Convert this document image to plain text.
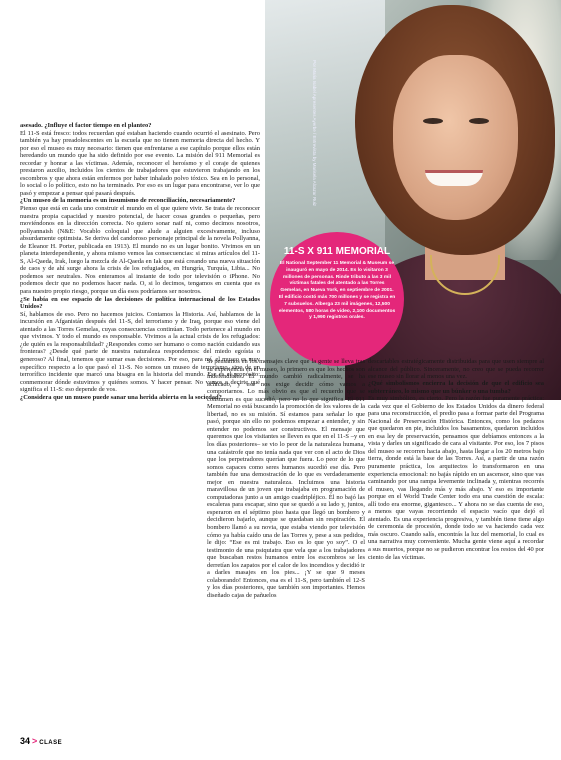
Por Maria Isabel Apresentes Ayerbe / Entrevista by Marisela Alcazar Ruiz
11-S X 911 MEMORIAL

El National September 11 Memorial & Museum se inauguró en mayo de 2014. Es lo visitaron 3 millones de personas. Rinde tributo a las 3 mil víctimas fatales del atentado a las Torres Gemelas, en Nueva York, en septiembre de 2001. El edificio costó más 700 millones y se registra en 7 subsuelos. Alberga 23 mil imágenes, 12,500 elementos, 580 horas de video, 2,100 documentos y 1,990 registros orales.

asesado. ¿Influye el factor tiempo en el planteo?

El 11-S está fresco: todos recuerdan qué estaban haciendo cuando ocurrió el asesinato. Pero también ya hay preadolescentes en la escuela que no tienen memoria directa del hecho. Y por eso el museo es muy necesario: tienen que enfrentarse a ese capítulo porque ellos están heredando un mundo que ha sido definido por ese evento. La misión del 911 Memorial es recordar y honrar a las víctimas. Además, reconocer el heroísmo y el coraje de quienes prestaron auxilio, incluidos los cientos de trabajadores que estuvieron trabajando en los escombros y que ahora están enfermos por haber inhalado polvo tóxico. Sea en lo personal, lo social o lo político, esto no ha terminado. Por eso es un lugar para encontrarse, ver lo que pasó y empezar a pensar qué pasará después.

¿Un museo de la memoria es un insumismo de reconciliación, necesariamente?

Pienso que está en cada uno construir el mundo en el que quiere vivir. Se trata de reconocer nuestra propia capacidad y nuestro potencial, de hacer cosas grandes o pequeñas, pero moviéndonos en la dirección correcta. No quiero sonar naif ni, como decimos nosotros, pollyannaish (N&E: Vocablo coloquial que alude a alguien excesivamente, incluso absurdamente optimista. Se deriva del candoroso personaje principal de la novela Pollyanna, de Eleanor H. Porter, publicada en 1913). El mundo no es un lugar bonito. Vivimos en un planeta interdependiente, y ahora mismo vemos las consecuencias: si miras artículos del 11-S, Al-Qaeda, Irak, luego la mezcla de Al-Qaeda en Iak que está creando una nueva situación de caos y de ahí surge ahora la crisis de los refugiados, en Hungría, Turquía, Libia... No podemos ser neutrales. Nos enteramos al instante de todo por televisión o iPhone. No podemos decir que no podemos hacer nada. O, si lo decimos, tengamos en cuenta que es para nuestro propio riesgo, porque un día esos podríamos ser nosotros.

¿Se había en ese espacio de las decisiones de política internacional de los Estados Unidos?

Sí, hablamos de eso. Pero no hacemos juicios. Contamos la Historia. Así, hablamos de la incursión en Afganistán después del 11-S, del terrorismo y de Iraq, porque eso viene del atentado a las Torres Gemelas, cuyas consecuencias continúan. Todo pertenece al mundo en que vivimos. Y todo el mundo es responsable. Vivimos a la actual crisis de los refugiados: ¿de quién es la responsabilidad? ¿Respondes como ser humano o como nación cuidando sus fronteras? ¿Desde qué parte de nuestra naturaleza respondemos: del miedo egoísta o generoso? Al final, tenemos que sumar esas decisiones. Por eso, para mí, el museo es muy específico respecto a lo que pasó el 11-S. No somos un museo de terrorismo, sino de un terrorífico incidente que marcó una bisagra en la historia del mundo. Ese es el propósito: conmemorar dónde estuvimos y quiénes somos. Y hacer pensar. No vamos a decirte qué significa el 11-S: eso depende de vos.

¿Considera que un museo puede sanar una herida abierta en la sociedad?

Si pensamos en los mensajes clave que la gente se lleva tras su experiencia en el museo, lo primero es que los hechos son indefendibles. El mundo cambió radicalmente, se ha achicado, y eso nos exige decidir cómo vamos a comportarnos. Lo más obvio es que el recuerdo que se consumen es que sucedió, pero no lo que significa. El 911 Memorial no está buscando la promoción de los valores de la libertad, no es su misión. Sí estamos para señalar lo que pasó, porque sin ello no podemos empezar a entender, y sin entender no podemos ser constructivos. El mensaje que queremos que los visitantes se lleven es que en el 11-S –y en los días posteriores– se vio lo peor de la naturaleza humana, una catástrofe que no tenía nada que ver con el acto de Dios que los perpetradores querían que fuera. Lo peor de lo que somos capaces como seres humanos sucedió ese día. Pero también fue una demostración de lo que es verdaderamente mejor en nuestra naturaleza. Incluimos una historia maravillosa de un joven que trabajaba en programación de computadoras junto a un amigo cuadripléjico. Él no bajó las escaleras para escapar, sino que se quedó a su lado y, juntos, esperaron en el séptimo piso hasta que llegó un bombero y decidieron bajarlo, aunque se quedaban sin respiración. El bombero llamó a su novia, que estaba viendo por televisión cómo ya había caído una de las Torres y, pese a sus pedidos, le dijo: “Ese es mi trabajo. Eso es lo que yo soy”. O el testimonio de una psiquiatra que vela que a los trabajadores que buscaban restos humanos entre los escombros se les derretían los zapatos por el calor de los incendios y decidió ir a darles masajes en los pies... ¡Y se que 9 meses colaborando! Entonces, esa es el 11-S, pero también el 12-S y los días posteriores, que también son importantes. Hemos diseñado cajas de pañuelos

descartables estratégicamente distribuidas para que usen siempre al alcance del público. Sinceramente, no creo que se pueda recorrer ese museo sin llorar al menos una vez.

¿Qué simbolismos encierra la decisión de que el edificio sea subterráneo, lo mismo que un búnker o una tumba?

Es muy simbólico, es cierto. Pero la razón fue puramente práctica: cada vez que el Gobierno de los Estados Unidos da dinero federal para una reconstrucción, el predio pasa a formar parte del Programa Nacional de Preservación Histórica. Entonces, como los pedazos que quedaron en pie, incluidos los basamentos, quedaron incluidos en esa ley de preservación, pensamos que debíamos entonces a la vista y darles un significado de cara al visitante. Por eso, los 7 pisos del museo se recorren hacia abajo, hasta llegar a los 20 metros bajo tierra, donde está la base de las Torres. Así, a partir de una razón puramente práctica, los arquitectos lo transformaron en una experiencia emocional: no bajás rápido en un ascensor, sino que vas caminando por una rampa levemente inclinada y, mientras recorrés el museo, vas llegando más y más abajo. Y eso es importante porque en el World Trade Center todo era una cuestión de escala: allí todo era enorme, gigantesco... Y ahora no se das cuenta de eso, a menos que vayas recorriendo el espacio vacío que dejó el atentado. Es una experiencia progresiva, y también tiene tiene algo de ceremonia de procesión, donde todo se va haciendo cada vez más oscuro. Cuando salís, encontrás la luz del memorial, lo cual es una narrativa muy conveniente. Mucha gente viene aquí a recordar a sus muertos, porque no se pudieron encontrar los restos del 40 por ciento de las víctimas.

34 > CLASE
